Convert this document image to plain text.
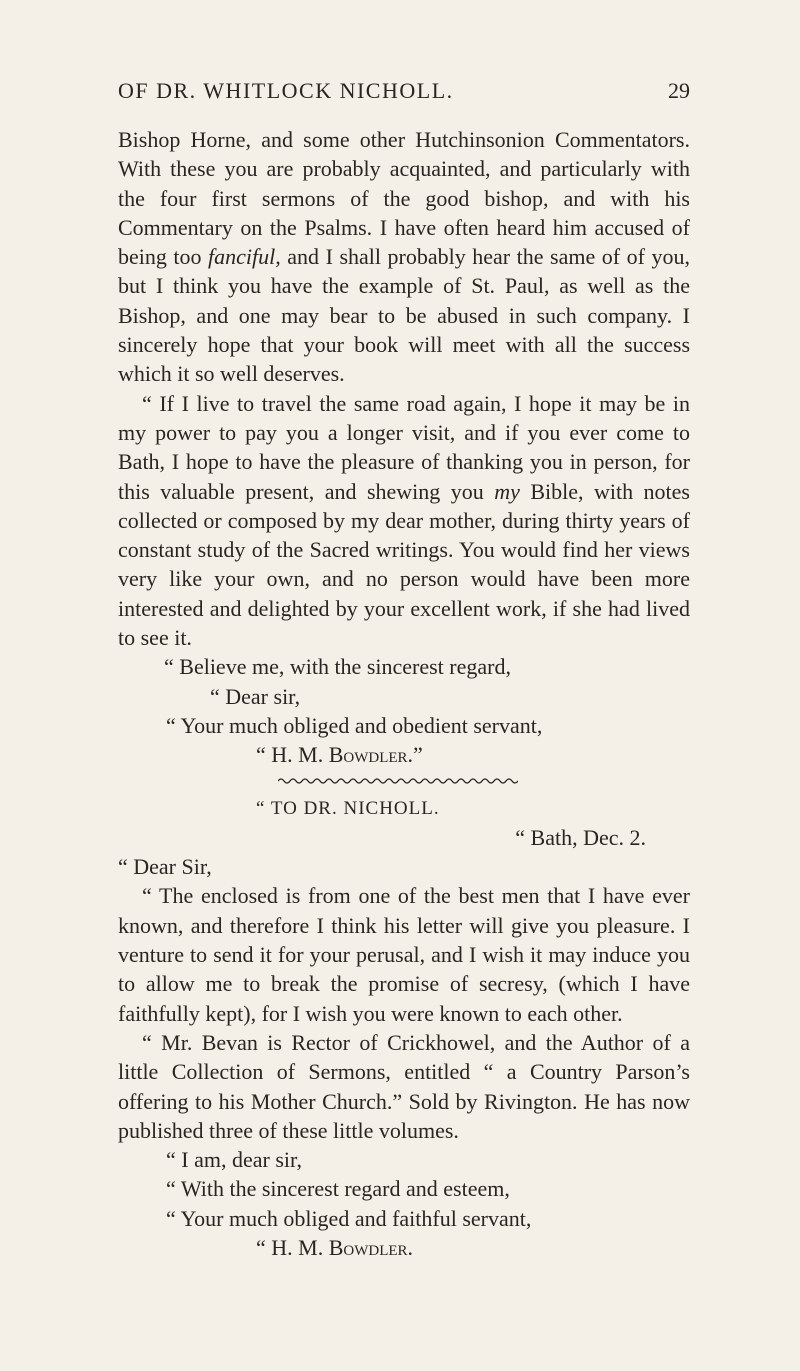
OF DR. WHITLOCK NICHOLL.	29

Bishop Horne, and some other Hutchinsonion Commentators. With these you are probably acquainted, and particularly with the four first sermons of the good bishop, and with his Commentary on the Psalms. I have often heard him accused of being too fanciful, and I shall probably hear the same of of you, but I think you have the example of St. Paul, as well as the Bishop, and one may bear to be abused in such company. I sincerely hope that your book will meet with all the success which it so well deserves.

“ If I live to travel the same road again, I hope it may be in my power to pay you a longer visit, and if you ever come to Bath, I hope to have the pleasure of thanking you in person, for this valuable present, and shewing you my Bible, with notes collected or composed by my dear mother, during thirty years of constant study of the Sacred writings. You would find her views very like your own, and no person would have been more interested and delighted by your excellent work, if she had lived to see it.

“ Believe me, with the sincerest regard,
“ Dear sir,
“ Your much obliged and obedient servant,
“ H. M. Bowdler.”
“ TO DR. NICHOLL.
“ Bath, Dec. 2.
“ Dear Sir,

“ The enclosed is from one of the best men that I have ever known, and therefore I think his letter will give you pleasure. I venture to send it for your perusal, and I wish it may induce you to allow me to break the promise of secresy, (which I have faithfully kept), for I wish you were known to each other.

“ Mr. Bevan is Rector of Crickhowel, and the Author of a little Collection of Sermons, entitled “ a Country Parson’s offering to his Mother Church.” Sold by Rivington. He has now published three of these little volumes.

“ I am, dear sir,
“ With the sincerest regard and esteem,
“ Your much obliged and faithful servant,
“ H. M. Bowdler.
